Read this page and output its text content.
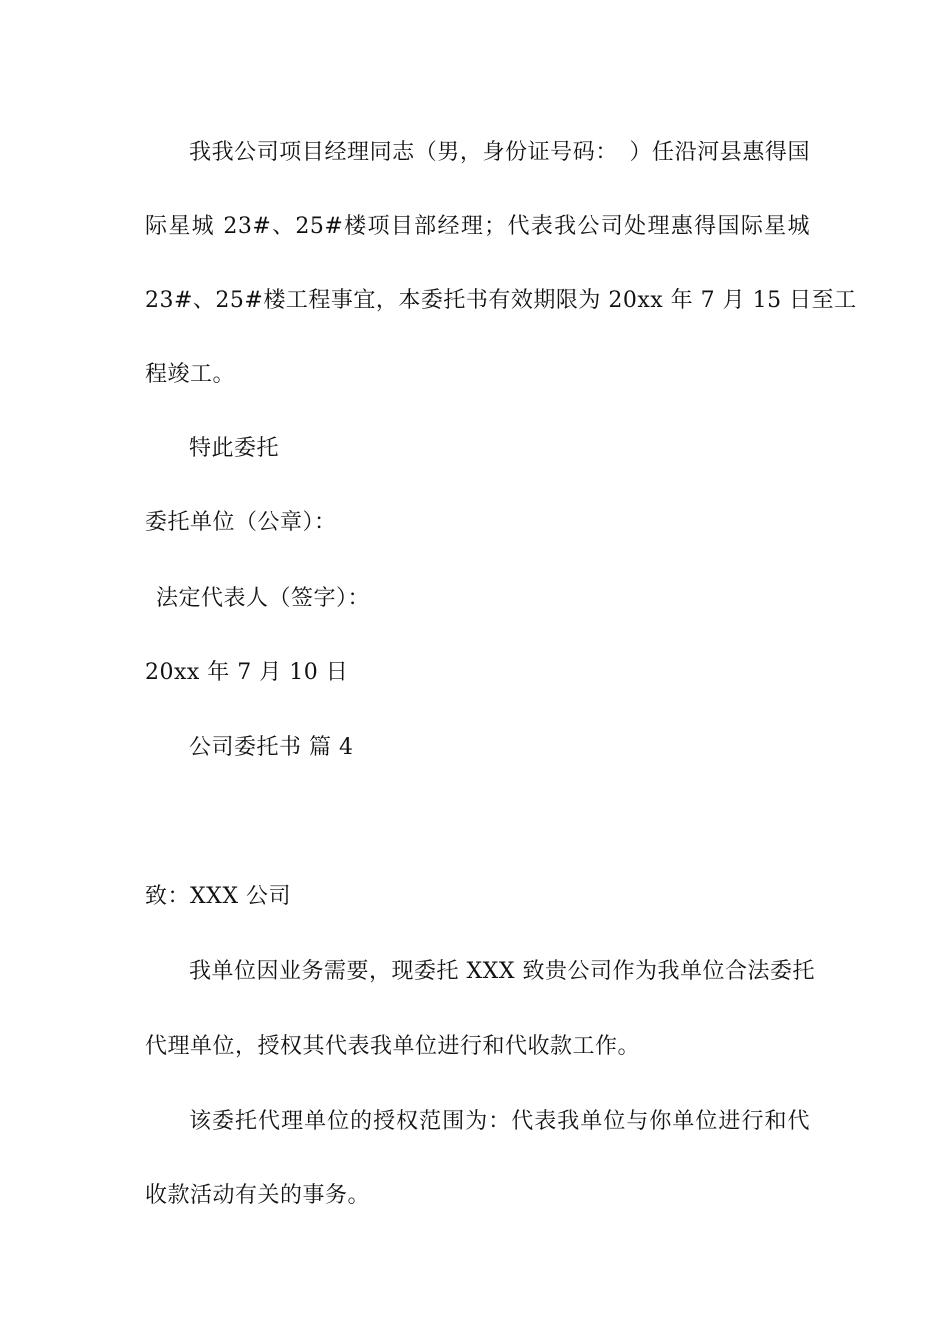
我我公司项目经理同志（男，身份证号码：　）任沿河县惠得国
际星城 23#、25#楼项目部经理；代表我公司处理惠得国际星城
23#、25#楼工程事宜，本委托书有效期限为 20xx 年 7 月 15 日至工
程竣工。
特此委托
委托单位（公章）：
法定代表人（签字）：
20xx 年 7 月 10 日
公司委托书 篇 4
致：XXX 公司
我单位因业务需要，现委托 XXX 致贵公司作为我单位合法委托
代理单位，授权其代表我单位进行和代收款工作。
该委托代理单位的授权范围为：代表我单位与你单位进行和代
收款活动有关的事务。
